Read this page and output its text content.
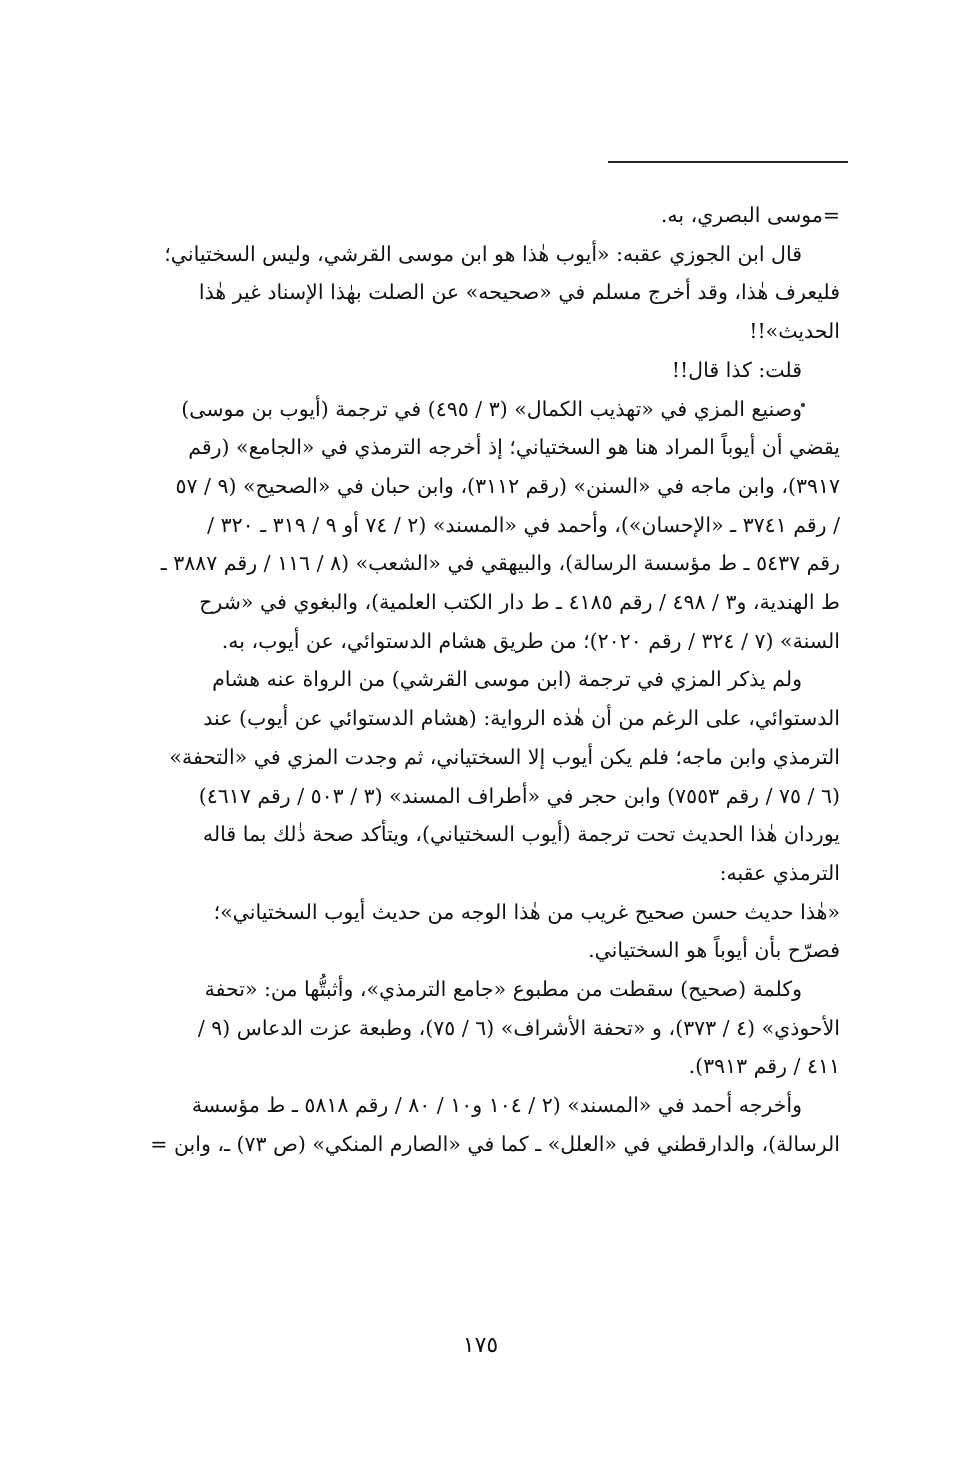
=موسى البصري، به.
قال ابن الجوزي عقبه: «أيوب هٰذا هو ابن موسى القرشي، وليس السختياني؛
فليعرف هٰذا، وقد أخرج مسلم في «صحيحه» عن الصلت بهٰذا الإسناد غير هٰذا
الحديث»!!
قلت: كذا قال!!
وصنيع المزي في «تهذيب الكمال» (٣ / ٤٩٥) في ترجمة (أيوب بن موسى)
يقضي أن أيوباً المراد هنا هو السختياني؛ إذ أخرجه الترمذي في «الجامع» (رقم
٣٩١٧)، وابن ماجه في «السنن» (رقم ٣١١٢)، وابن حبان في «الصحيح» (٩ / ٥٧
/ رقم ٣٧٤١ ـ «الإحسان»)، وأحمد في «المسند» (٢ / ٧٤ أو ٩ / ٣١٩ ـ ٣٢٠ /
رقم ٥٤٣٧ ـ ط مؤسسة الرسالة)، والبيهقي في «الشعب» (٨ / ١١٦ / رقم ٣٨٨٧ ـ
ط الهندية، و٣ / ٤٩٨ / رقم ٤١٨٥ ـ ط دار الكتب العلمية)، والبغوي في «شرح
السنة» (٧ / ٣٢٤ / رقم ٢٠٢٠)؛ من طريق هشام الدستوائي، عن أيوب، به.
ولم يذكر المزي في ترجمة (ابن موسى القرشي) من الرواة عنه هشام
الدستوائي، على الرغم من أن هٰذه الرواية: (هشام الدستوائي عن أيوب) عند
الترمذي وابن ماجه؛ فلم يكن أيوب إلا السختياني، ثم وجدت المزي في «التحفة»
(٦ / ٧٥ / رقم ٧٥٥٣) وابن حجر في «أطراف المسند» (٣ / ٥٠٣ / رقم ٤٦١٧)
يوردان هٰذا الحديث تحت ترجمة (أيوب السختياني)، ويتأكد صحة ذٰلك بما قاله
الترمذي عقبه:
«هٰذا حديث حسن صحيح غريب من هٰذا الوجه من حديث أيوب السختياني»؛
فصرّح بأن أيوباً هو السختياني.
وكلمة (صحيح) سقطت من مطبوع «جامع الترمذي»، وأثبتُّها من: «تحفة
الأحوذي» (٤ / ٣٧٣)، و «تحفة الأشراف» (٦ / ٧٥)، وطبعة عزت الدعاس (٩ /
٤١١ / رقم ٣٩١٣).
وأخرجه أحمد في «المسند» (٢ / ١٠٤ و١٠ / ٨٠ / رقم ٥٨١٨ ـ ط مؤسسة
الرسالة)، والدارقطني في «العلل» ـ كما في «الصارم المنكي» (ص ٧٣) ـ، وابن =
١٧٥
